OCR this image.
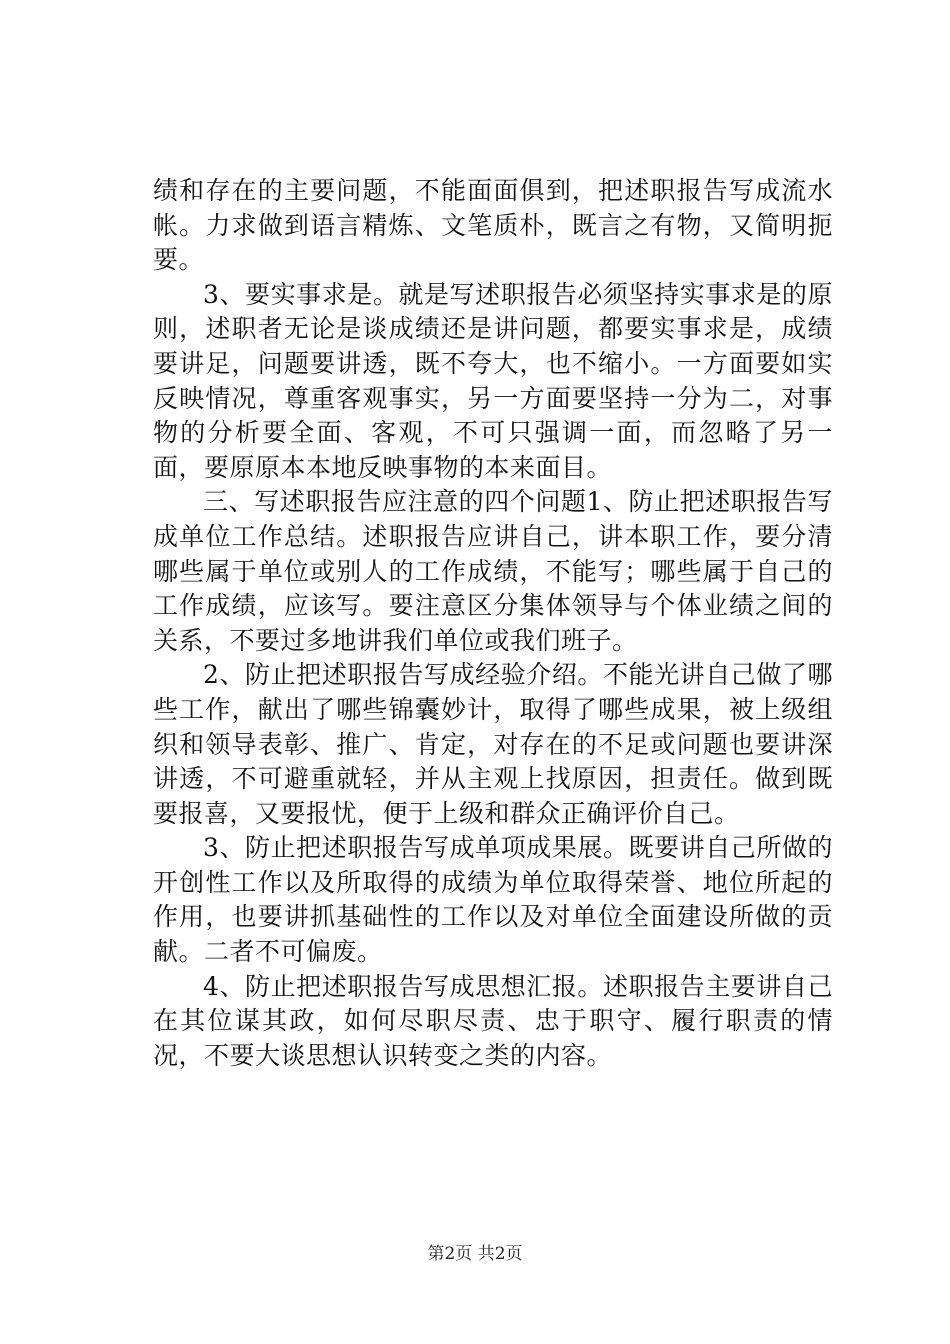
绩和存在的主要问题，不能面面俱到，把述职报告写成流水帐。力求做到语言精炼、文笔质朴，既言之有物，又简明扼要。

3、要实事求是。就是写述职报告必须坚持实事求是的原则，述职者无论是谈成绩还是讲问题，都要实事求是，成绩要讲足，问题要讲透，既不夸大，也不缩小。一方面要如实反映情况，尊重客观事实，另一方面要坚持一分为二，对事物的分析要全面、客观，不可只强调一面，而忽略了另一面，要原原本本地反映事物的本来面目。

三、写述职报告应注意的四个问题1、防止把述职报告写成单位工作总结。述职报告应讲自己，讲本职工作，要分清哪些属于单位或别人的工作成绩，不能写；哪些属于自己的工作成绩，应该写。要注意区分集体领导与个体业绩之间的关系，不要过多地讲我们单位或我们班子。

2、防止把述职报告写成经验介绍。不能光讲自己做了哪些工作，献出了哪些锦囊妙计，取得了哪些成果，被上级组织和领导表彰、推广、肯定，对存在的不足或问题也要讲深讲透，不可避重就轻，并从主观上找原因，担责任。做到既要报喜，又要报忧，便于上级和群众正确评价自己。

3、防止把述职报告写成单项成果展。既要讲自己所做的开创性工作以及所取得的成绩为单位取得荣誉、地位所起的作用，也要讲抓基础性的工作以及对单位全面建设所做的贡献。二者不可偏废。

4、防止把述职报告写成思想汇报。述职报告主要讲自己在其位谋其政，如何尽职尽责、忠于职守、履行职责的情况，不要大谈思想认识转变之类的内容。

第2页 共2页
